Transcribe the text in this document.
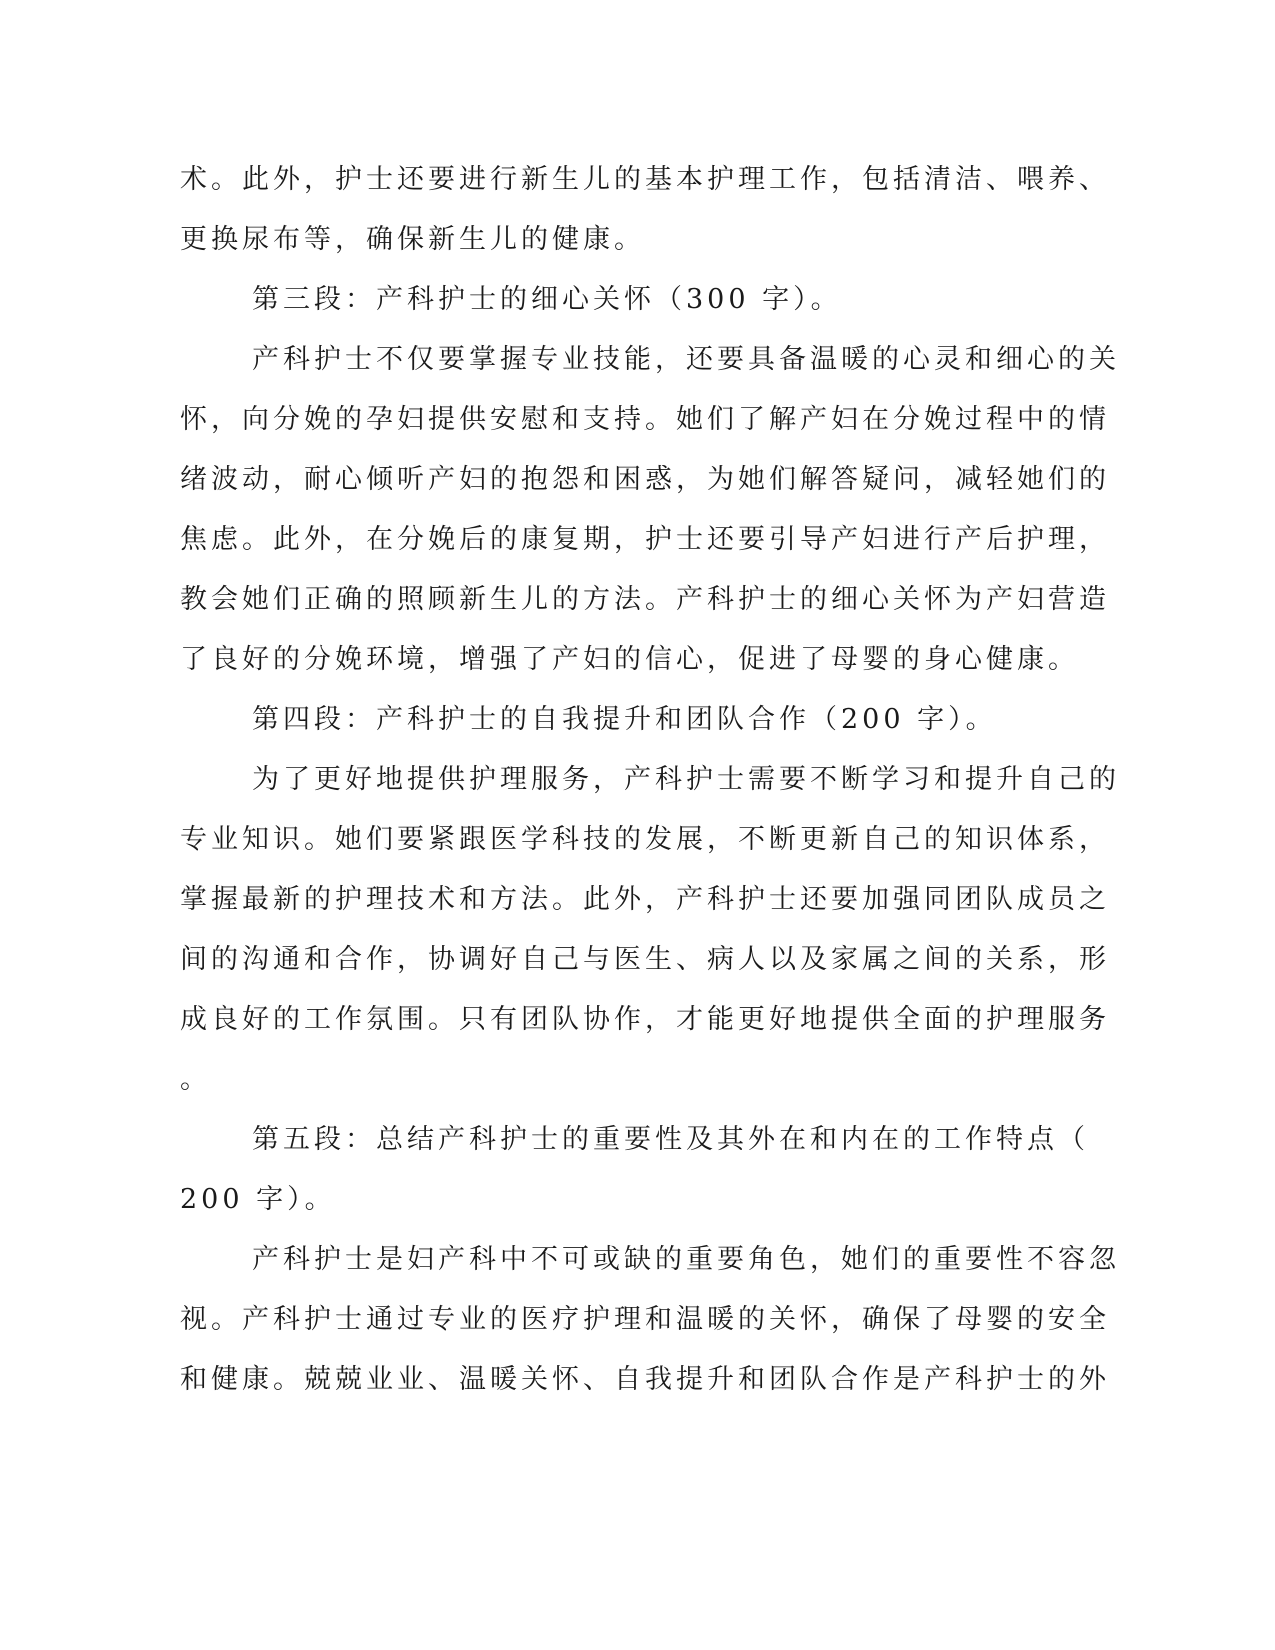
术。此外，护士还要进行新生儿的基本护理工作，包括清洁、喂养、
更换尿布等，确保新生儿的健康。
第三段：产科护士的细心关怀（300 字）。
产科护士不仅要掌握专业技能，还要具备温暖的心灵和细心的关
怀，向分娩的孕妇提供安慰和支持。她们了解产妇在分娩过程中的情
绪波动，耐心倾听产妇的抱怨和困惑，为她们解答疑问，减轻她们的
焦虑。此外，在分娩后的康复期，护士还要引导产妇进行产后护理，
教会她们正确的照顾新生儿的方法。产科护士的细心关怀为产妇营造
了良好的分娩环境，增强了产妇的信心，促进了母婴的身心健康。
第四段：产科护士的自我提升和团队合作（200 字）。
为了更好地提供护理服务，产科护士需要不断学习和提升自己的
专业知识。她们要紧跟医学科技的发展，不断更新自己的知识体系，
掌握最新的护理技术和方法。此外，产科护士还要加强同团队成员之
间的沟通和合作，协调好自己与医生、病人以及家属之间的关系，形
成良好的工作氛围。只有团队协作，才能更好地提供全面的护理服务
。
第五段：总结产科护士的重要性及其外在和内在的工作特点（
200 字）。
产科护士是妇产科中不可或缺的重要角色，她们的重要性不容忽
视。产科护士通过专业的医疗护理和温暖的关怀，确保了母婴的安全
和健康。兢兢业业、温暖关怀、自我提升和团队合作是产科护士的外
